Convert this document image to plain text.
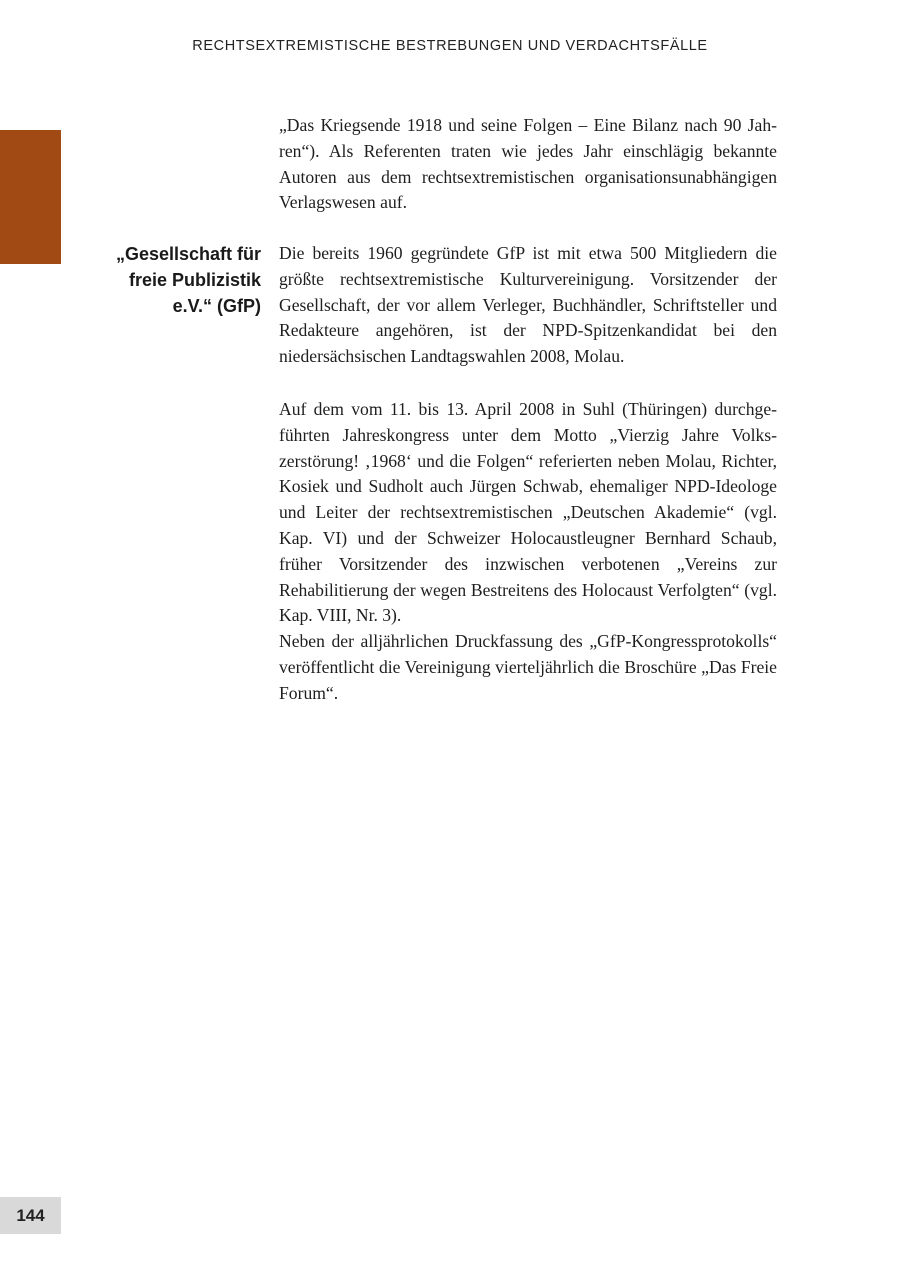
RECHTSEXTREMISTISCHE BESTREBUNGEN UND VERDACHTSFÄLLE

„Das Kriegsende 1918 und seine Folgen – Eine Bilanz nach 90 Jahren“). Als Referenten traten wie jedes Jahr einschlägig bekannte Autoren aus dem rechtsextremistischen organisationsunabhängigen Verlagswesen auf.

„Gesellschaft für
freie Publizistik
e.V.“ (GfP)

Die bereits 1960 gegründete GfP ist mit etwa 500 Mitgliedern die größte rechtsextremistische Kulturvereinigung. Vorsitzender der Gesellschaft, der vor allem Verleger, Buchhändler, Schriftsteller und Redakteure angehören, ist der NPD-Spitzenkandidat bei den niedersächsischen Landtagswahlen 2008, Molau.

Auf dem vom 11. bis 13. April 2008 in Suhl (Thüringen) durchgeführten Jahreskongress unter dem Motto „Vierzig Jahre Volkszerstörung! ‚1968‘ und die Folgen“ referierten neben Molau, Richter, Kosiek und Sudholt auch Jürgen Schwab, ehemaliger NPD-Ideologe und Leiter der rechtsextremistischen „Deutschen Akademie“ (vgl. Kap. VI) und der Schweizer Holocaustleugner Bernhard Schaub, früher Vorsitzender des inzwischen verbotenen „Vereins zur Rehabilitierung der wegen Bestreitens des Holocaust Verfolgten“ (vgl. Kap. VIII, Nr. 3).

Neben der alljährlichen Druckfassung des „GfP-Kongressprotokolls“ veröffentlicht die Vereinigung vierteljährlich die Broschüre „Das Freie Forum“.

144
